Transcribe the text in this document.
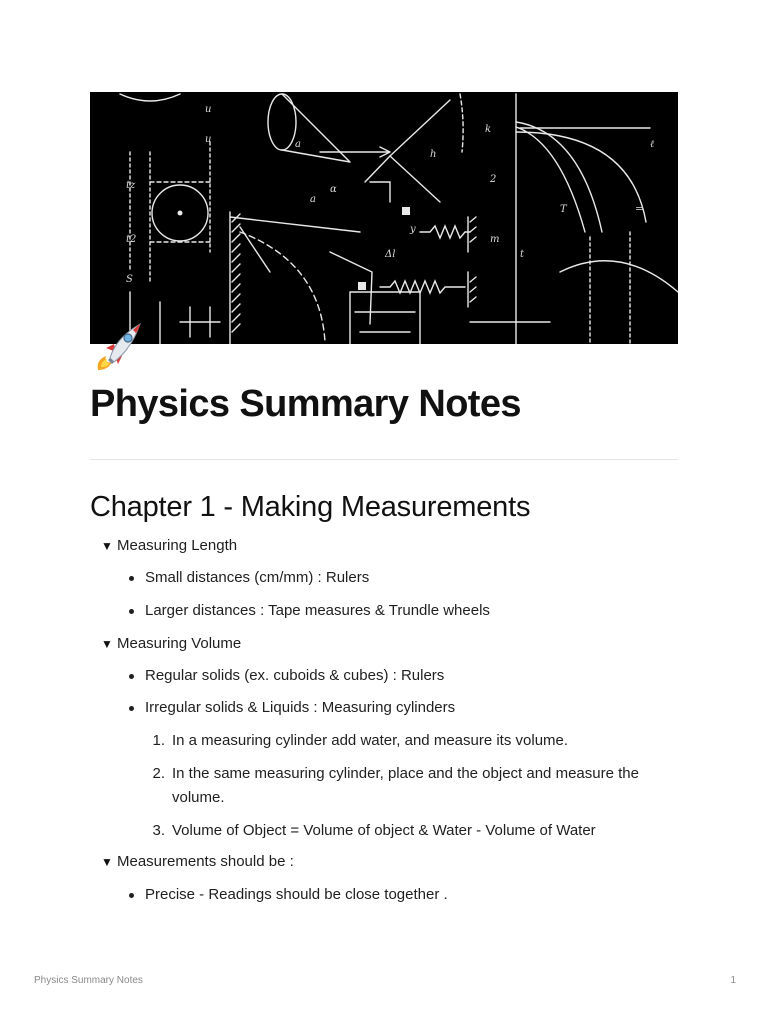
tz
t2
S
u
u	a
a
α
h
k
2
m
t
T	=
ℓ
Δl
y
Physics Summary Notes
Chapter 1 - Making Measurements
▼ Measuring Length
Small distances (cm/mm) : Rulers
Larger distances : Tape measures & Trundle wheels
▼ Measuring Volume
Regular solids (ex. cuboids & cubes) : Rulers
Irregular solids & Liquids : Measuring cylinders
1. In a measuring cylinder add water, and measure its volume.
2. In the same measuring cylinder, place and the object and measure the volume.
3. Volume of Object = Volume of object & Water - Volume of Water
▼ Measurements should be :
Precise - Readings should be close together .
Physics Summary Notes	1
